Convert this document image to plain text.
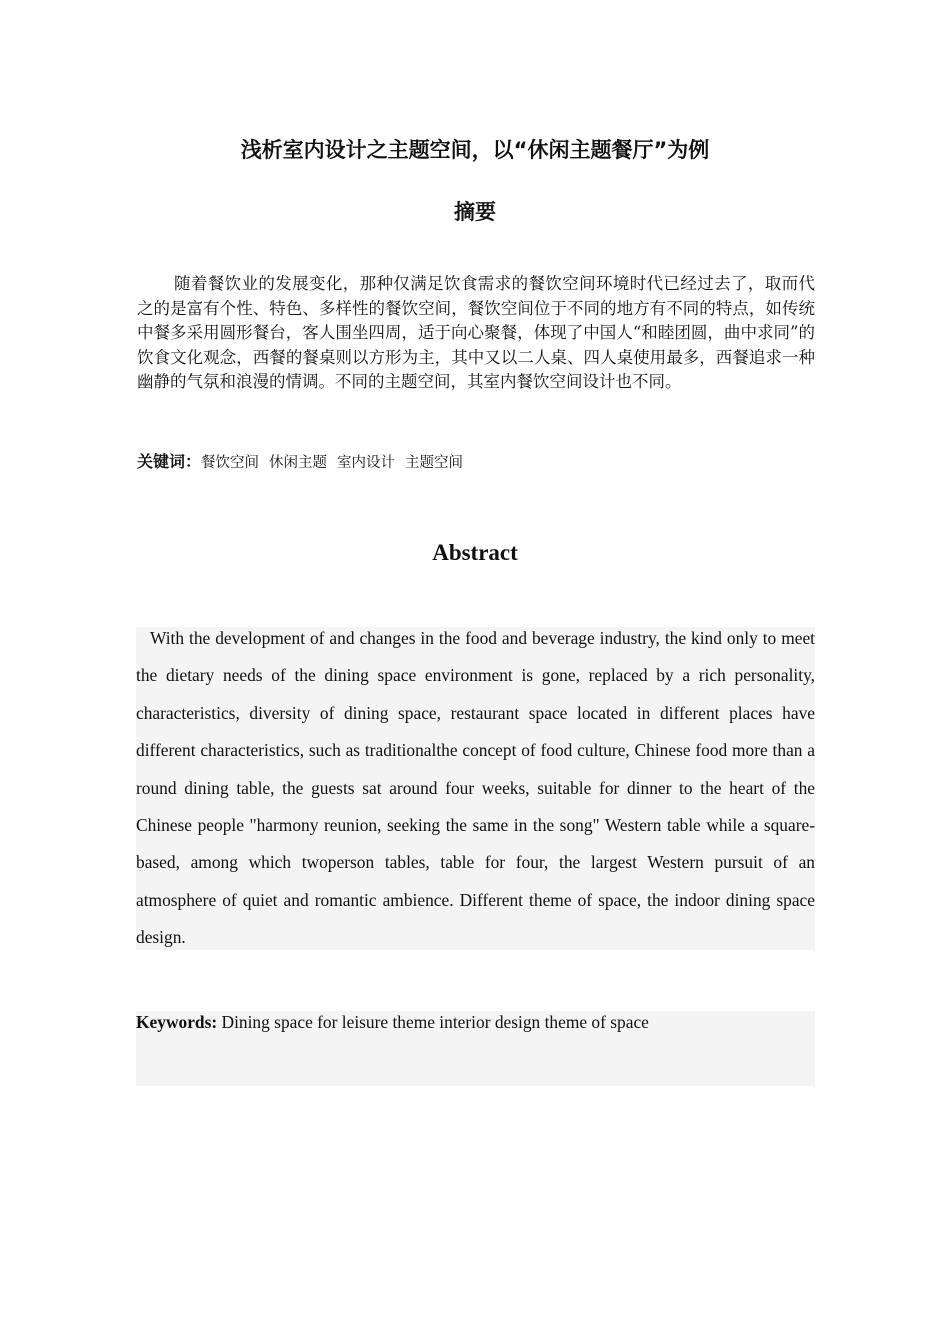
浅析室内设计之主题空间，以“休闲主题餐厅”为例
摘要

随着餐饮业的发展变化，那种仅满足饮食需求的餐饮空间环境时代已经过去了，取而代之的是富有个性、特色、多样性的餐饮空间，餐饮空间位于不同的地方有不同的特点，如传统中餐多采用圆形餐台，客人围坐四周，适于向心聚餐，体现了中国人“和睦团圆，曲中求同”的饮食文化观念，西餐的餐桌则以方形为主，其中又以二人桌、四人桌使用最多，西餐追求一种幽静的气氛和浪漫的情调。不同的主题空间，其室内餐饮空间设计也不同。

关键词：餐饮空间 休闲主题 室内设计 主题空间

Abstract

With the development of and changes in the food and beverage industry, the kind only to meet the dietary needs of the dining space environment is gone, replaced by a rich personality, characteristics, diversity of dining space, restaurant space located in different places have different characteristics, such as traditionalthe concept of food culture, Chinese food more than a round dining table, the guests sat around four weeks, suitable for dinner to the heart of the Chinese people "harmony reunion, seeking the same in the song" Western table while a square-based, among which twoperson tables, table for four, the largest Western pursuit of an atmosphere of quiet and romantic ambience. Different theme of space, the indoor dining space design.

Keywords: Dining space for leisure theme interior design theme of space
